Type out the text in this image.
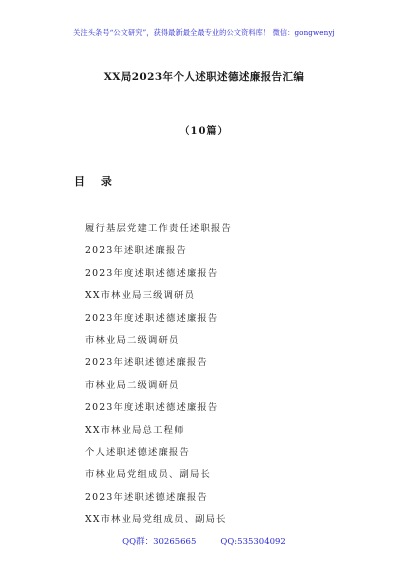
关注头条号“公文研究”，获得最新最全最专业的公文资料库！ 微信：gongwenyj
XX局2023年个人述职述德述廉报告汇编
（10篇）
目 录
履行基层党建工作责任述职报告
2023年述职述廉报告
2023年度述职述德述廉报告
XX市林业局三级调研员
2023年度述职述德述廉报告
市林业局二级调研员
2023年述职述德述廉报告
市林业局二级调研员
2023年度述职述德述廉报告
XX市林业局总工程师
个人述职述德述廉报告
市林业局党组成员、副局长
2023年述职述德述廉报告
XX市林业局党组成员、副局长
QQ群：30265665	QQ:535304092
